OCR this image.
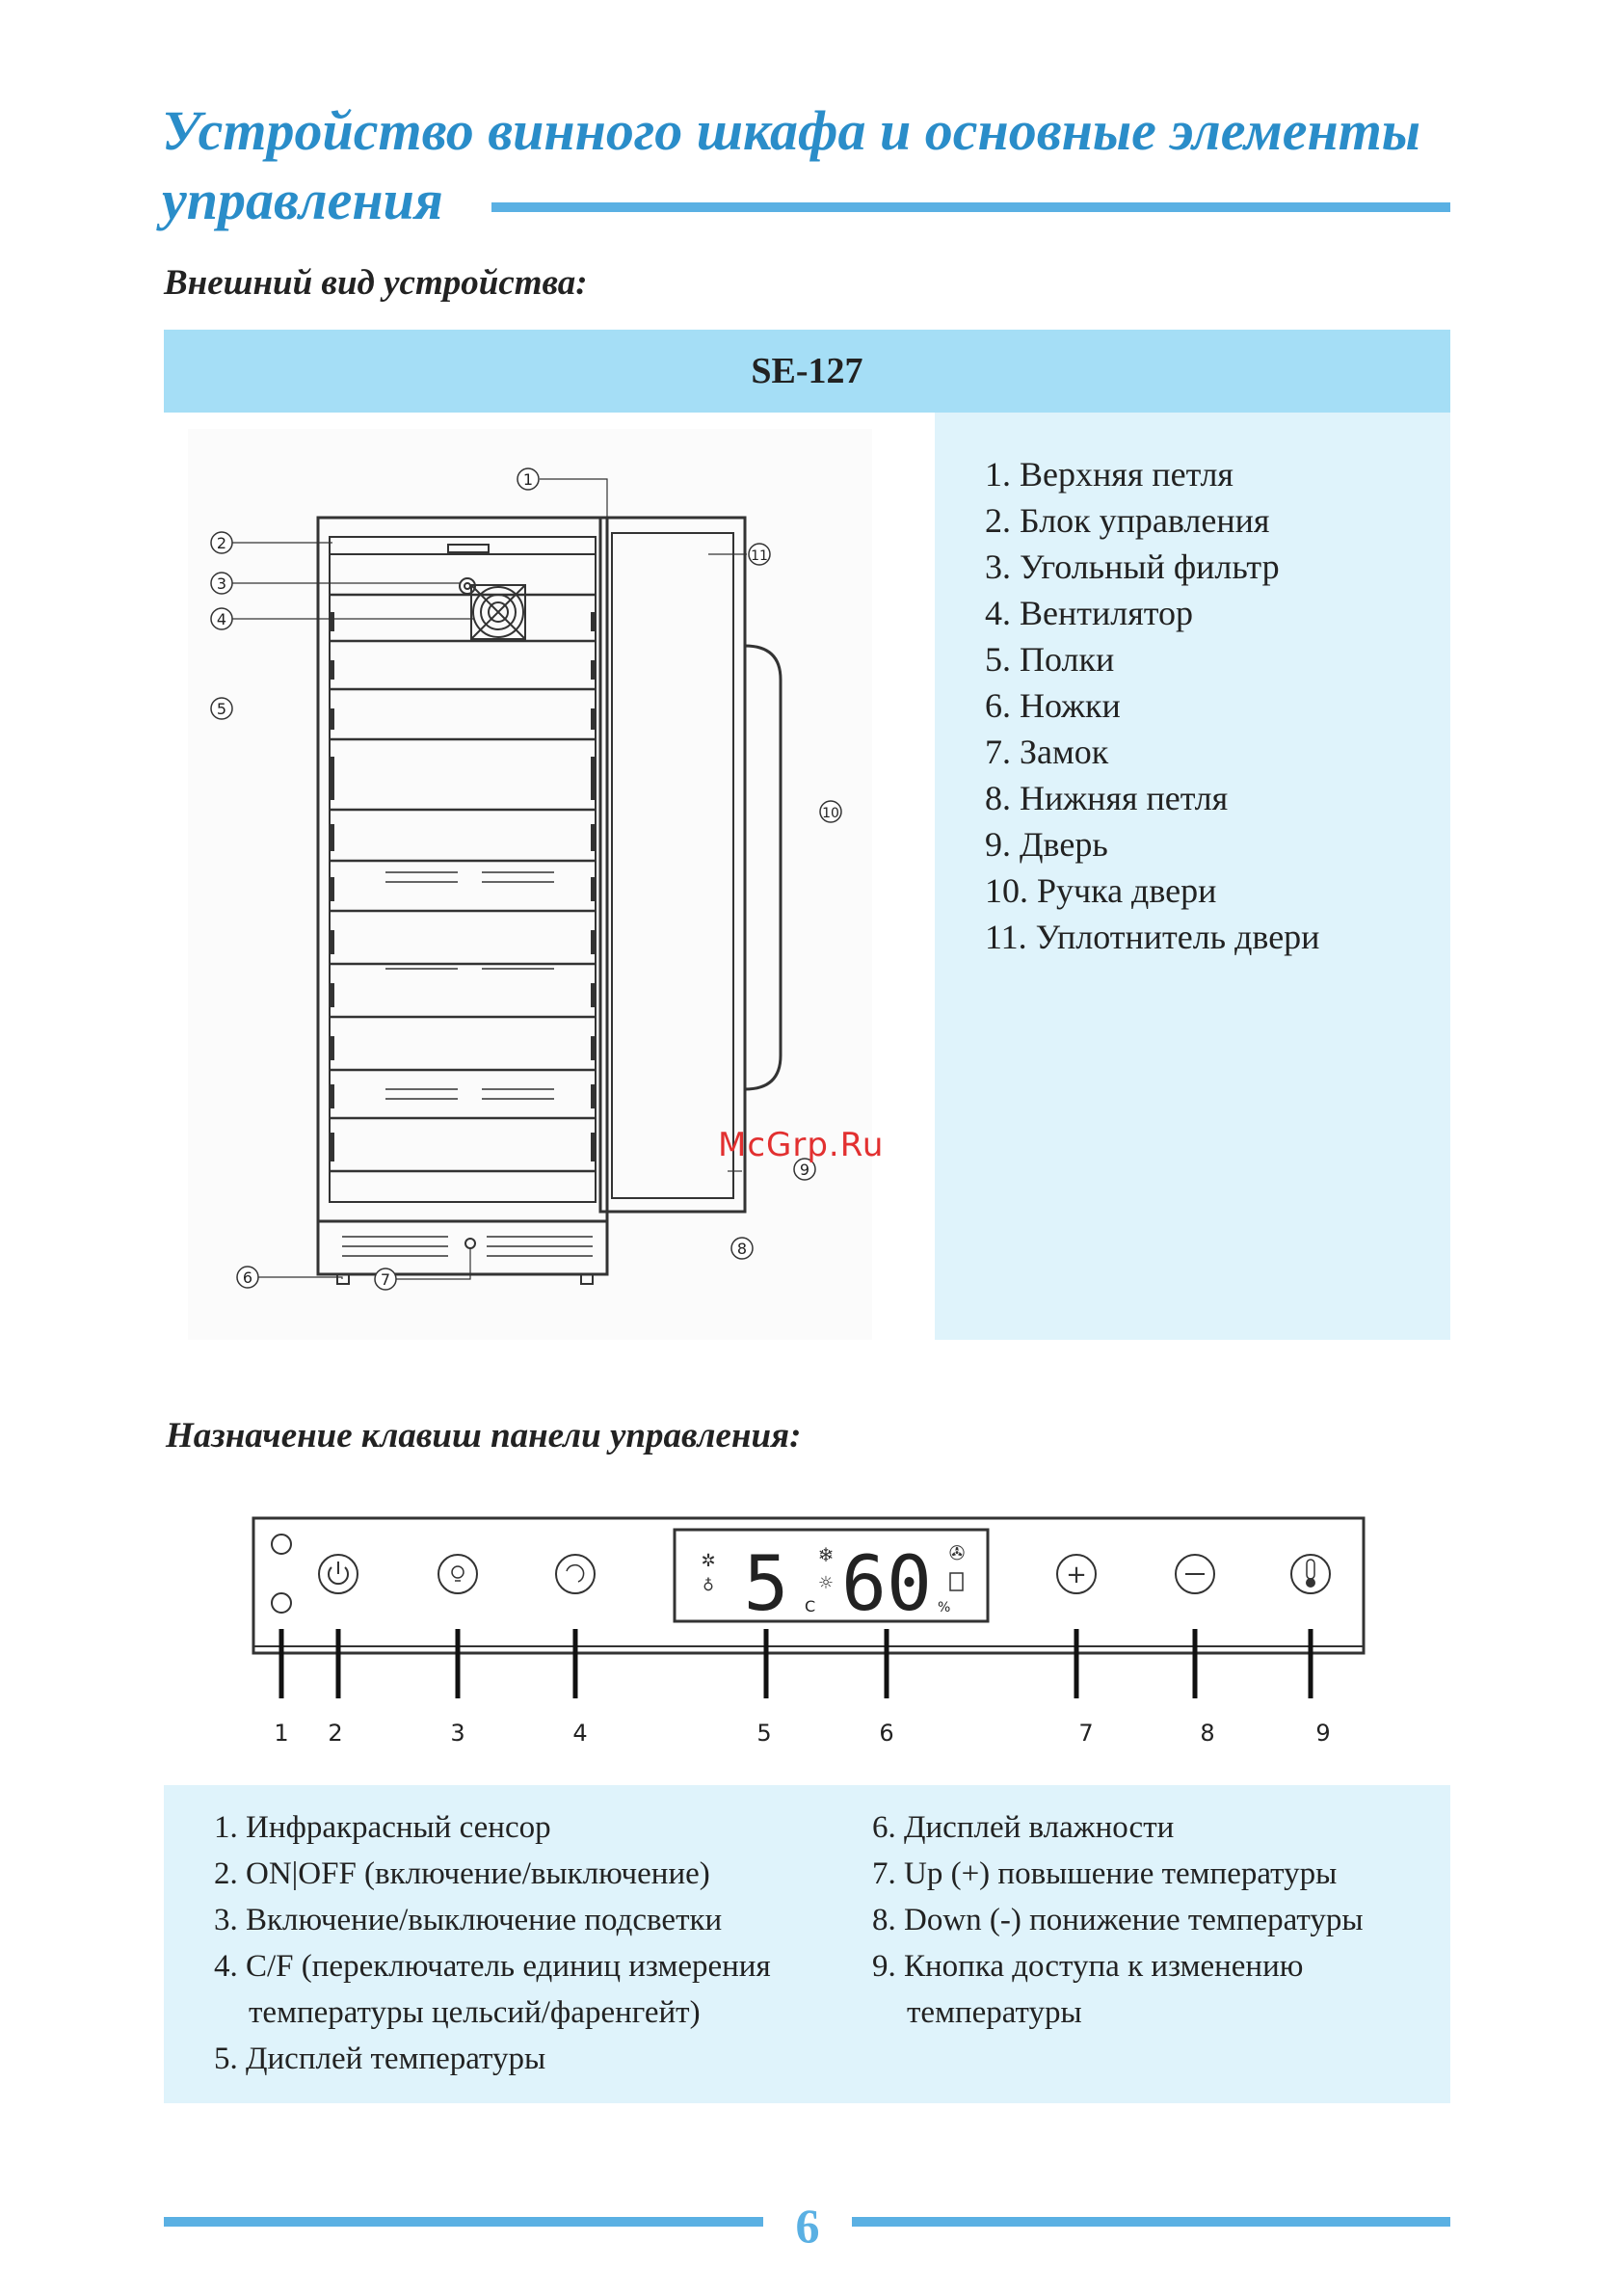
Устройство винного шкафа и основные элементы управления
Внешний вид устройства:
SE-127
1
2
3
4
5
6	7
8
9
10
11
1. Верхняя петля
2. Блок управления
3. Угольный фильтр
4. Вентилятор
5. Полки
6. Ножки
7. Замок
8. Нижняя петля
9. Дверь
10. Ручка двери
11. Уплотнитель двери
McGrp.Ru
Назначение клавиш панели управления:
✲
♁ 5 C
❄
☼ 60 %
✇
+
1 2	3	4	5	6	7	8	9
1. Инфракрасный сенсор
2. ON|OFF (включение/выключение)
3. Включение/выключение подсветки
4. C/F (переключатель единиц измерения
температуры цельсий/фаренгейт)
5. Дисплей температуры
6. Дисплей влажности
7. Up (+) повышение температуры
8. Down (-) понижение температуры
9. Кнопка доступа к изменению
температуры
6
